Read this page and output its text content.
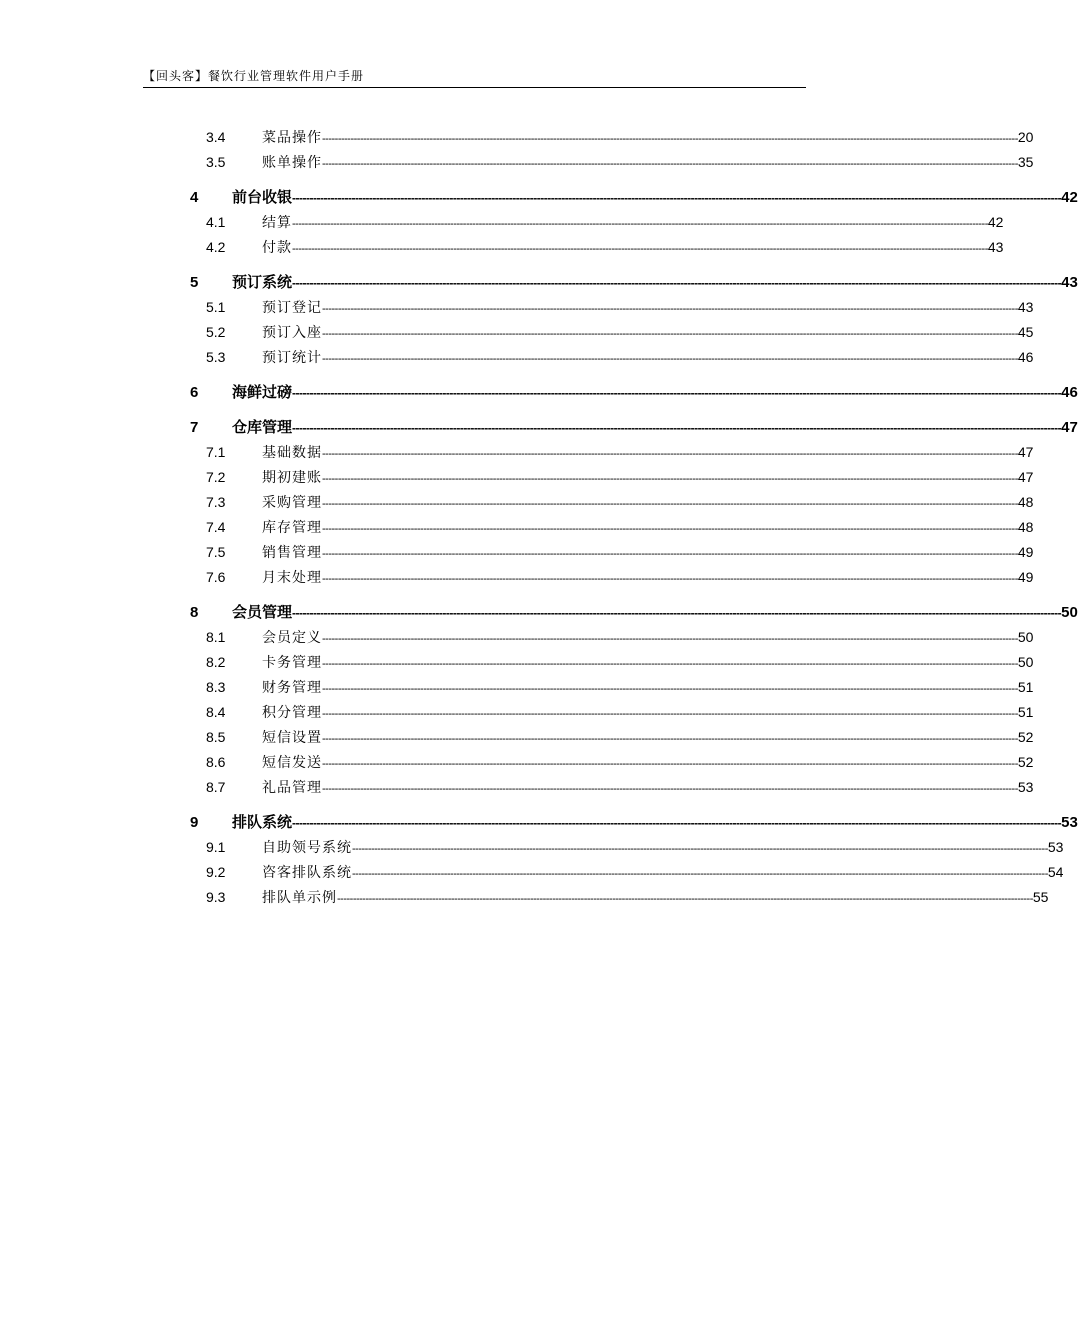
【回头客】餐饮行业管理软件用户手册
3.4	菜品操作 ---------------------------------------------------------------------------------------------------------------------------------------------------------------------------------------------------------------------------- 20
3.5	账单操作 ---------------------------------------------------------------------------------------------------------------------------------------------------------------------------------------------------------------------------- 35
4	前台收银 ---------------------------------------------------------------------------------------------------------------------------------------------------------------------------------------------------------------------------- 42
4.1	结算 ---------------------------------------------------------------------------------------------------------------------------------------------------------------------------------------------------------------------------- 42
4.2	付款 ---------------------------------------------------------------------------------------------------------------------------------------------------------------------------------------------------------------------------- 43
5	预订系统 ---------------------------------------------------------------------------------------------------------------------------------------------------------------------------------------------------------------------------- 43
5.1	预订登记 ---------------------------------------------------------------------------------------------------------------------------------------------------------------------------------------------------------------------------- 43
5.2	预订入座 ---------------------------------------------------------------------------------------------------------------------------------------------------------------------------------------------------------------------------- 45
5.3	预订统计 ---------------------------------------------------------------------------------------------------------------------------------------------------------------------------------------------------------------------------- 46
6	海鲜过磅 ---------------------------------------------------------------------------------------------------------------------------------------------------------------------------------------------------------------------------- 46
7	仓库管理 ---------------------------------------------------------------------------------------------------------------------------------------------------------------------------------------------------------------------------- 47
7.1	基础数据 ---------------------------------------------------------------------------------------------------------------------------------------------------------------------------------------------------------------------------- 47
7.2	期初建账 ---------------------------------------------------------------------------------------------------------------------------------------------------------------------------------------------------------------------------- 47
7.3	采购管理 ---------------------------------------------------------------------------------------------------------------------------------------------------------------------------------------------------------------------------- 48
7.4	库存管理 ---------------------------------------------------------------------------------------------------------------------------------------------------------------------------------------------------------------------------- 48
7.5	销售管理 ---------------------------------------------------------------------------------------------------------------------------------------------------------------------------------------------------------------------------- 49
7.6	月末处理 ---------------------------------------------------------------------------------------------------------------------------------------------------------------------------------------------------------------------------- 49
8	会员管理 ---------------------------------------------------------------------------------------------------------------------------------------------------------------------------------------------------------------------------- 50
8.1	会员定义 ---------------------------------------------------------------------------------------------------------------------------------------------------------------------------------------------------------------------------- 50
8.2	卡务管理 ---------------------------------------------------------------------------------------------------------------------------------------------------------------------------------------------------------------------------- 50
8.3	财务管理 ---------------------------------------------------------------------------------------------------------------------------------------------------------------------------------------------------------------------------- 51
8.4	积分管理 ---------------------------------------------------------------------------------------------------------------------------------------------------------------------------------------------------------------------------- 51
8.5	短信设置 ---------------------------------------------------------------------------------------------------------------------------------------------------------------------------------------------------------------------------- 52
8.6	短信发送 ---------------------------------------------------------------------------------------------------------------------------------------------------------------------------------------------------------------------------- 52
8.7	礼品管理 ---------------------------------------------------------------------------------------------------------------------------------------------------------------------------------------------------------------------------- 53
9	排队系统 ---------------------------------------------------------------------------------------------------------------------------------------------------------------------------------------------------------------------------- 53
9.1	自助领号系统 ---------------------------------------------------------------------------------------------------------------------------------------------------------------------------------------------------------------------------- 53
9.2	咨客排队系统 ---------------------------------------------------------------------------------------------------------------------------------------------------------------------------------------------------------------------------- 54
9.3	排队单示例 ---------------------------------------------------------------------------------------------------------------------------------------------------------------------------------------------------------------------------- 55
